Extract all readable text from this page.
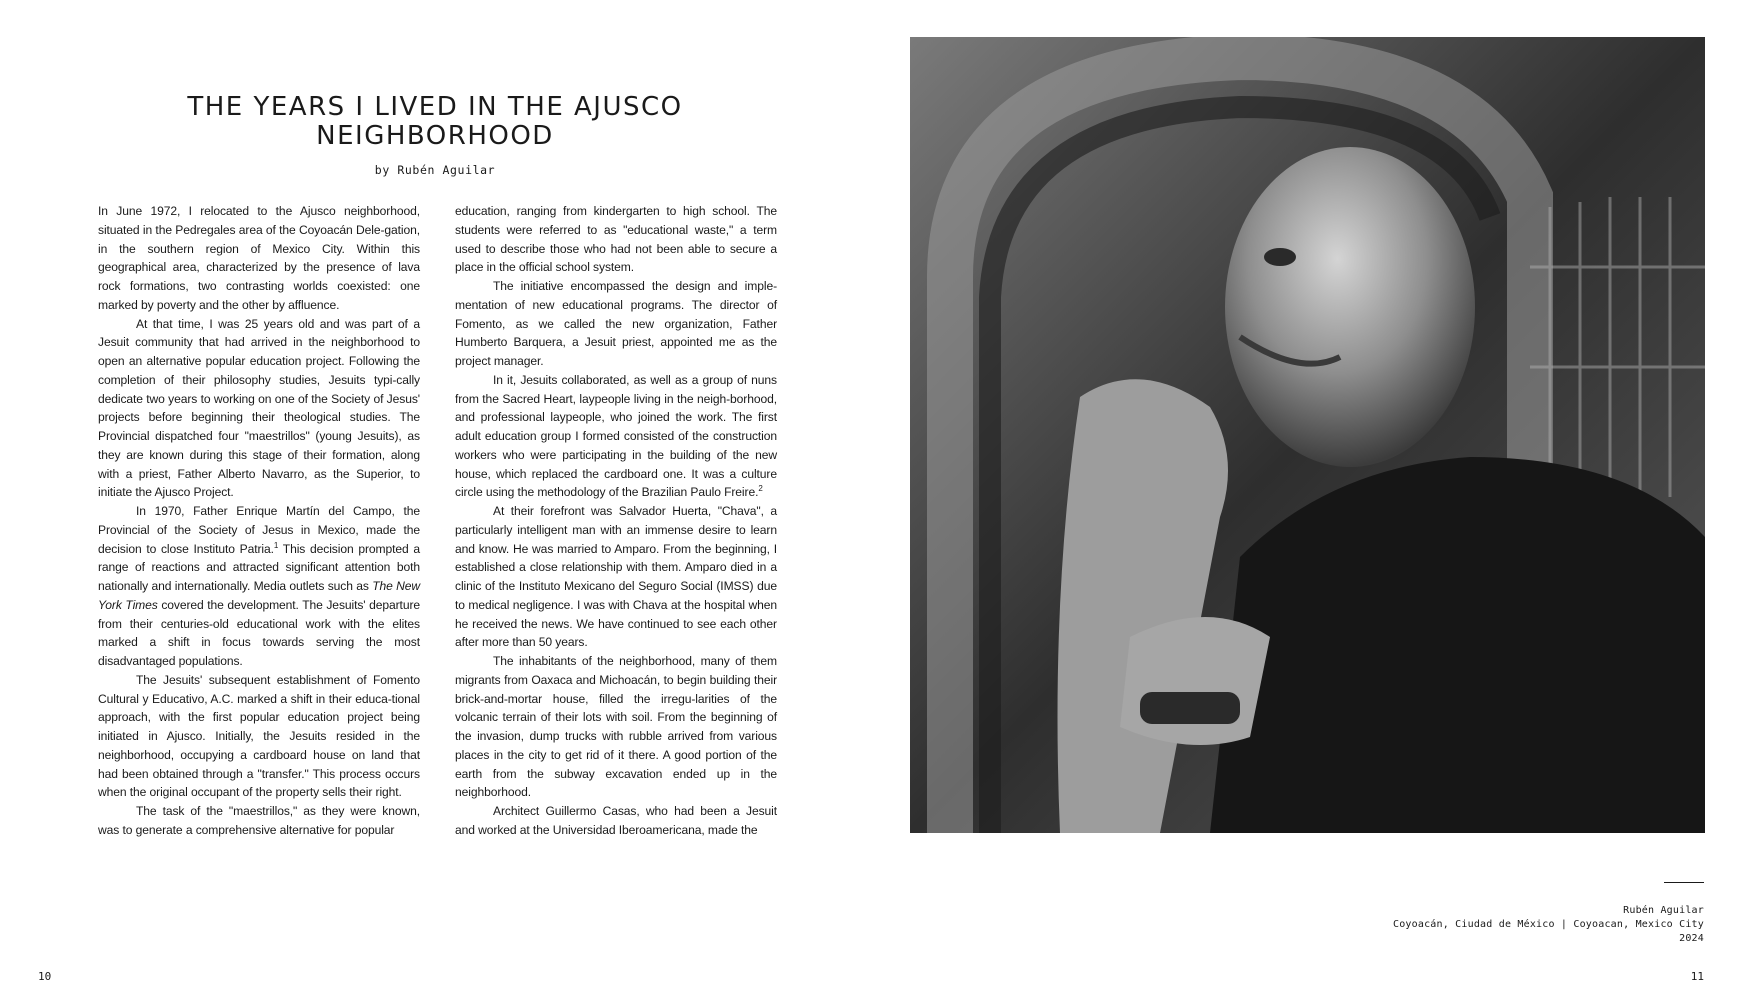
THE YEARS I LIVED IN THE AJUSCO
NEIGHBORHOOD
by Rubén Aguilar

In June 1972, I relocated to the Ajusco neighborhood, situated in the Pedregales area of the Coyoacán Dele-gation, in the southern region of Mexico City. Within this geographical area, characterized by the presence of lava rock formations, two contrasting worlds coexisted: one marked by poverty and the other by affluence.

At that time, I was 25 years old and was part of a Jesuit community that had arrived in the neighborhood to open an alternative popular education project. Following the completion of their philosophy studies, Jesuits typi-cally dedicate two years to working on one of the Society of Jesus' projects before beginning their theological studies. The Provincial dispatched four "maestrillos" (young Jesuits), as they are known during this stage of their formation, along with a priest, Father Alberto Navarro, as the Superior, to initiate the Ajusco Project.

In 1970, Father Enrique Martín del Campo, the Provincial of the Society of Jesus in Mexico, made the decision to close Instituto Patria.$^1$ This decision prompted a range of reactions and attracted significant attention both nationally and internationally. Media outlets such as The New York Times covered the development. The Jesuits' departure from their centuries-old educational work with the elites marked a shift in focus towards serving the most disadvantaged populations.

The Jesuits' subsequent establishment of Fomento Cultural y Educativo, A.C. marked a shift in their educa-tional approach, with the first popular education project being initiated in Ajusco. Initially, the Jesuits resided in the neighborhood, occupying a cardboard house on land that had been obtained through a "transfer." This process occurs when the original occupant of the property sells their right.

The task of the "maestrillos," as they were known, was to generate a comprehensive alternative for popular

education, ranging from kindergarten to high school. The students were referred to as "educational waste," a term used to describe those who had not been able to secure a place in the official school system.

The initiative encompassed the design and imple-mentation of new educational programs. The director of Fomento, as we called the new organization, Father Humberto Barquera, a Jesuit priest, appointed me as the project manager.

In it, Jesuits collaborated, as well as a group of nuns from the Sacred Heart, laypeople living in the neigh-borhood, and professional laypeople, who joined the work. The first adult education group I formed consisted of the construction workers who were participating in the building of the new house, which replaced the cardboard one. It was a culture circle using the methodology of the Brazilian Paulo Freire.$^2$

At their forefront was Salvador Huerta, "Chava", a particularly intelligent man with an immense desire to learn and know. He was married to Amparo. From the beginning, I established a close relationship with them. Amparo died in a clinic of the Instituto Mexicano del Seguro Social (IMSS) due to medical negligence. I was with Chava at the hospital when he received the news. We have continued to see each other after more than 50 years.

The inhabitants of the neighborhood, many of them migrants from Oaxaca and Michoacán, to begin building their brick-and-mortar house, filled the irregu-larities of the volcanic terrain of their lots with soil. From the beginning of the invasion, dump trucks with rubble arrived from various places in the city to get rid of it there. A good portion of the earth from the subway excavation ended up in the neighborhood.

Architect Guillermo Casas, who had been a Jesuit and worked at the Universidad Iberoamericana, made the

Rubén Aguilar
Coyoacán, Ciudad de México | Coyoacan, Mexico City
2024
10	11
